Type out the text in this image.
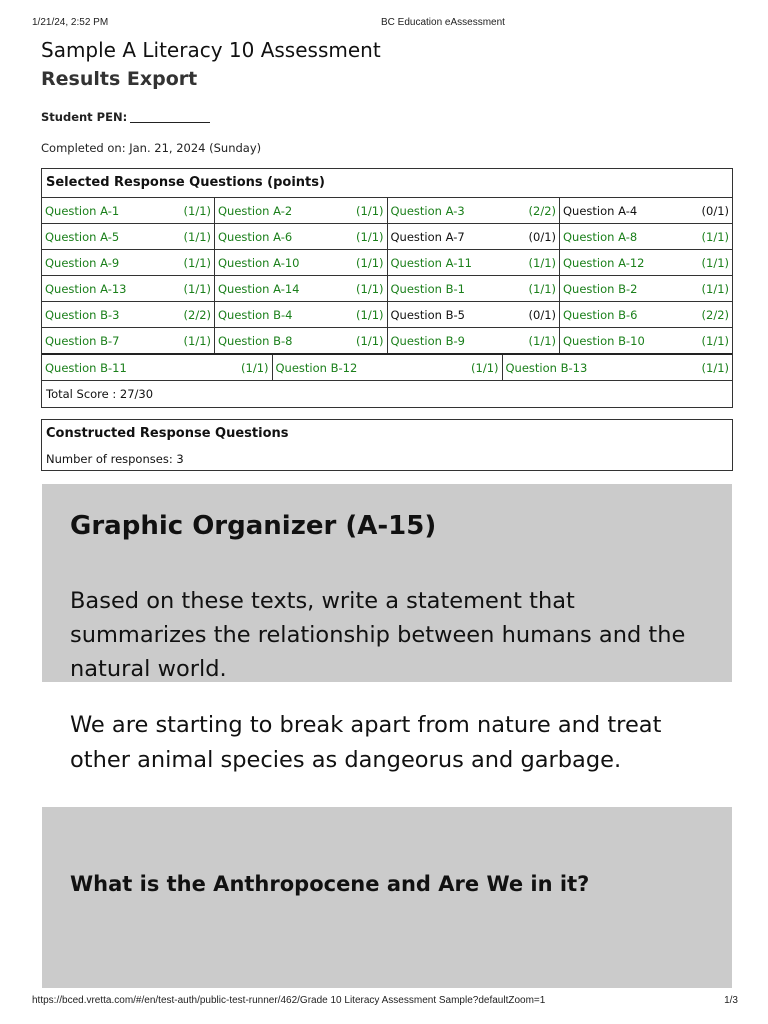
1/21/24, 2:52 PM	BC Education eAssessment
Sample A Literacy 10 Assessment
Results Export
Student PEN:
Completed on: Jan. 21, 2024 (Sunday)
Selected Response Questions (points)
Question A-1 (1/1)	Question A-2 (1/1)	Question A-3 (2/2)	Question A-4 (0/1)

Question A-5 (1/1)	Question A-6 (1/1)	Question A-7 (0/1)	Question A-8 (1/1)

Question A-9 (1/1)	Question A-10 (1/1)	Question A-11 (1/1)	Question A-12 (1/1)

Question A-13 (1/1)	Question A-14 (1/1)	Question B-1 (1/1)	Question B-2 (1/1)

Question B-3 (2/2)	Question B-4 (1/1)	Question B-5 (0/1)	Question B-6 (2/2)

Question B-7 (1/1)	Question B-8 (1/1)	Question B-9 (1/1)	Question B-10 (1/1)
Question B-11	(1/1)	Question B-12	(1/1)	Question B-13	(1/1)
Total Score : 27/30
Constructed Response Questions
Number of responses: 3
Graphic Organizer (A-15)
Based on these texts, write a statement that summarizes the relationship between humans and the natural world.
We are starting to break apart from nature and treat other animal species as dangeorus and garbage.
What is the Anthropocene and Are We in it?
https://bced.vretta.com/#/en/test-auth/public-test-runner/462/Grade 10 Literacy Assessment Sample?defaultZoom=1	1/3
